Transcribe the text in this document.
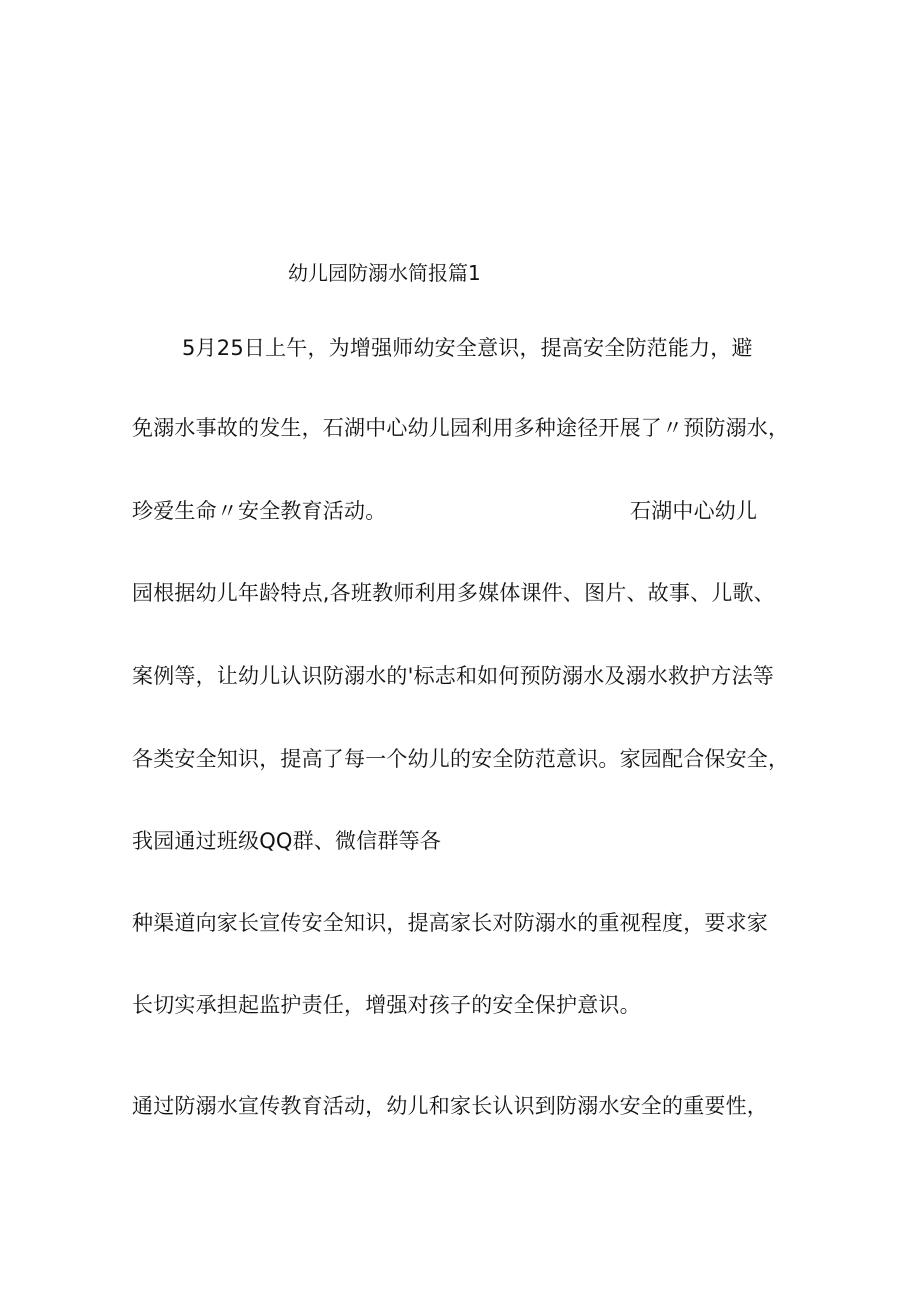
幼儿园防溺水简报篇1
5月25日上午，为增强师幼安全意识，提高安全防范能力，避
免溺水事故的发生，石湖中心幼儿园利用多种途径开展了〃预防溺水，
珍爱生命〃安全教育活动。	石湖中心幼儿
园根据幼儿年龄特点,各班教师利用多媒体课件、图片、故事、儿歌、
案例等，让幼儿认识防溺水的'标志和如何预防溺水及溺水救护方法等
各类安全知识，提高了每一个幼儿的安全防范意识。家园配合保安全，
我园通过班级QQ群、微信群等各
种渠道向家长宣传安全知识，提高家长对防溺水的重视程度，要求家
长切实承担起监护责任，增强对孩子的安全保护意识。
通过防溺水宣传教育活动，幼儿和家长认识到防溺水安全的重要性，
